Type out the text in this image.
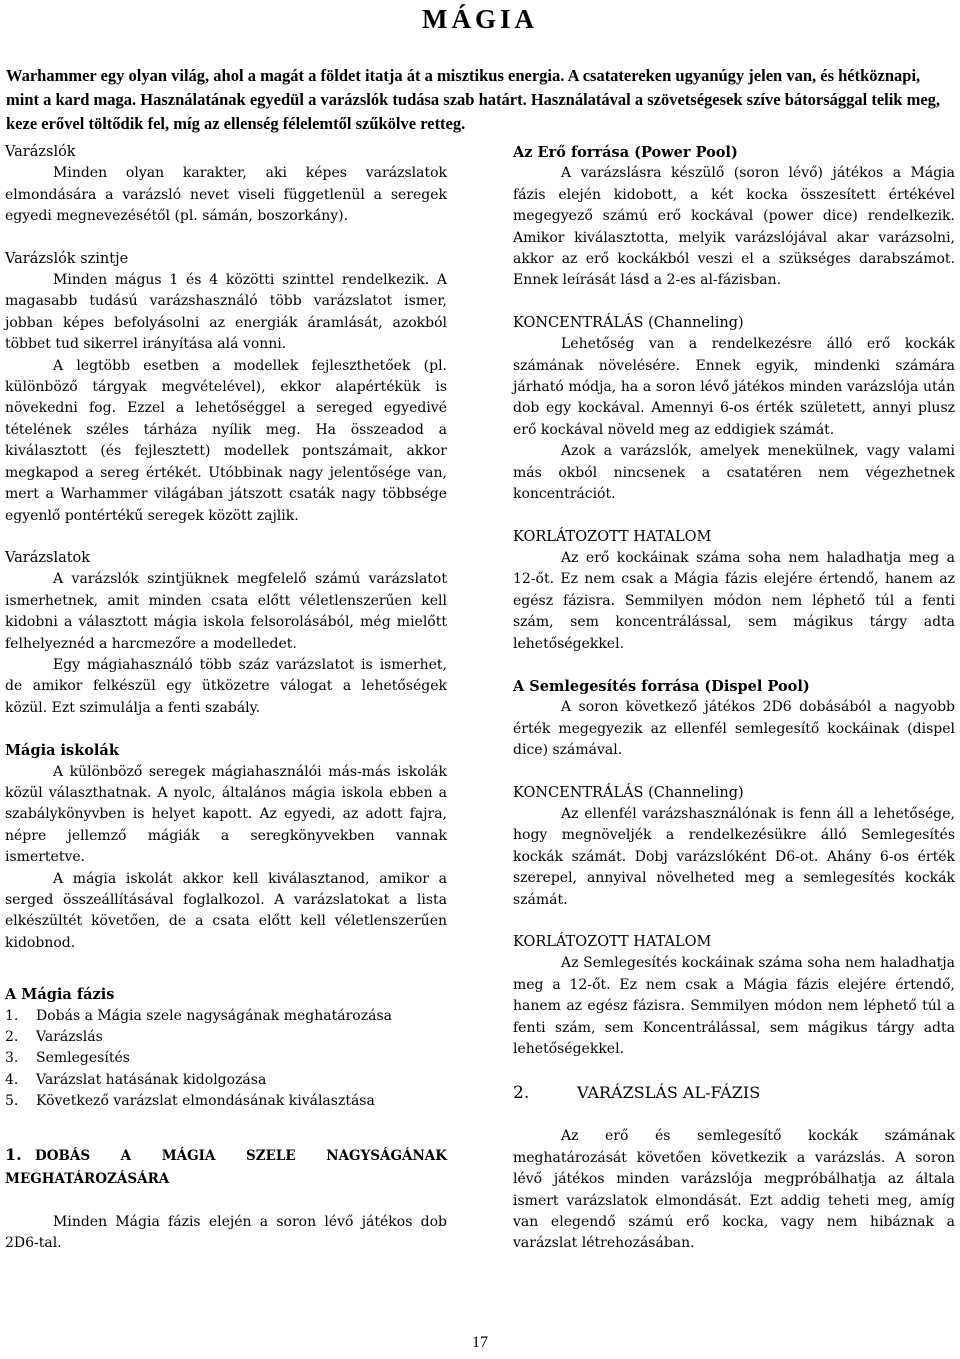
MÁGIA

Warhammer egy olyan világ, ahol a magát a földet itatja át a misztikus energia. A csatatereken ugyanúgy jelen van, és hétköznapi, mint a kard maga. Használatának egyedül a varázslók tudása szab határt. Használatával a szövetségesek szíve bátorsággal telik meg, keze erővel töltődik fel, míg az ellenség félelemtől szűkölve retteg.

Varázslók

Minden olyan karakter, aki képes varázslatok elmondására a varázsló nevet viseli függetlenül a seregek egyedi megnevezésétől (pl. sámán, boszorkány).

Varázslók szintje

Minden mágus 1 és 4 közötti szinttel rendelkezik. A magasabb tudású varázshasználó több varázslatot ismer, jobban képes befolyásolni az energiák áramlását, azokból többet tud sikerrel irányítása alá vonni.

A legtöbb esetben a modellek fejleszthetőek (pl. különböző tárgyak megvételével), ekkor alapértékük is növekedni fog. Ezzel a lehetőséggel a sereged egyedivé tételének széles tárháza nyílik meg. Ha összeadod a kiválasztott (és fejlesztett) modellek pontszámait, akkor megkapod a sereg értékét. Utóbbinak nagy jelentősége van, mert a Warhammer világában játszott csaták nagy többsége egyenlő pontértékű seregek között zajlik.

Varázslatok

A varázslók szintjüknek megfelelő számú varázslatot ismerhetnek, amit minden csata előtt véletlenszerűen kell kidobni a választott mágia iskola felsorolásából, még mielőtt felhelyeznéd a harcmezőre a modelledet.

Egy mágiahasználó több száz varázslatot is ismerhet, de amikor felkészül egy ütközetre válogat a lehetőségek közül. Ezt szimulálja a fenti szabály.

Mágia iskolák

A különböző seregek mágiahasználói más-más iskolák közül választhatnak. A nyolc, általános mágia iskola ebben a szabálykönyvben is helyet kapott. Az egyedi, az adott fajra, népre jellemző mágiák a seregkönyvekben vannak ismertetve.

A mágia iskolát akkor kell kiválasztanod, amikor a serged összeállításával foglalkozol. A varázslatokat a lista elkészültét követően, de a csata előtt kell véletlenszerűen kidobnod.

A Mágia fázis
1. Dobás a Mágia szele nagyságának meghatározása
2. Varázslás
3. Semlegesítés
4. Varázslat hatásának kidolgozása
5. Következő varázslat elmondásának kiválasztása
1. DOBÁS A MÁGIA SZELE NAGYSÁGÁNAK MEGHATÁROZÁSÁRA

Minden Mágia fázis elején a soron lévő játékos dob 2D6-tal.

Az Erő forrása (Power Pool)

A varázslásra készülő (soron lévő) játékos a Mágia fázis elején kidobott, a két kocka összesített értékével megegyező számú erő kockával (power dice) rendelkezik. Amikor kiválasztotta, melyik varázslójával akar varázsolni, akkor az erő kockákból veszi el a szükséges darabszámot. Ennek leírását lásd a 2-es al-fázisban.

KONCENTRÁLÁS (Channeling)

Lehetőség van a rendelkezésre álló erő kockák számának növelésére. Ennek egyik, mindenki számára járható módja, ha a soron lévő játékos minden varázslója után dob egy kockával. Amennyi 6-os érték született, annyi plusz erő kockával növeld meg az eddigiek számát.

Azok a varázslók, amelyek menekülnek, vagy valami más okból nincsenek a csatatéren nem végezhetnek koncentrációt.

KORLÁTOZOTT HATALOM

Az erő kockáinak száma soha nem haladhatja meg a 12-őt. Ez nem csak a Mágia fázis elejére értendő, hanem az egész fázisra. Semmilyen módon nem léphető túl a fenti szám, sem koncentrálással, sem mágikus tárgy adta lehetőségekkel.

A Semlegesítés forrása (Dispel Pool)

A soron következő játékos 2D6 dobásából a nagyobb érték megegyezik az ellenfél semlegesítő kockáinak (dispel dice) számával.

KONCENTRÁLÁS (Channeling)

Az ellenfél varázshasználónak is fenn áll a lehetősége, hogy megnöveljék a rendelkezésükre álló Semlegesítés kockák számát. Dobj varázslóként D6-ot. Ahány 6-os érték szerepel, annyival növelheted meg a semlegesítés kockák számát.

KORLÁTOZOTT HATALOM

Az Semlegesítés kockáinak száma soha nem haladhatja meg a 12-őt. Ez nem csak a Mágia fázis elejére értendő, hanem az egész fázisra. Semmilyen módon nem léphető túl a fenti szám, sem Koncentrálással, sem mágikus tárgy adta lehetőségekkel.

2.	VARÁZSLÁS AL-FÁZIS

Az erő és semlegesítő kockák számának meghatározását követően következik a varázslás. A soron lévő játékos minden varázslója megpróbálhatja az általa ismert varázslatok elmondását. Ezt addig teheti meg, amíg van elegendő számú erő kocka, vagy nem hibáznak a varázslat létrehozásában.

17
